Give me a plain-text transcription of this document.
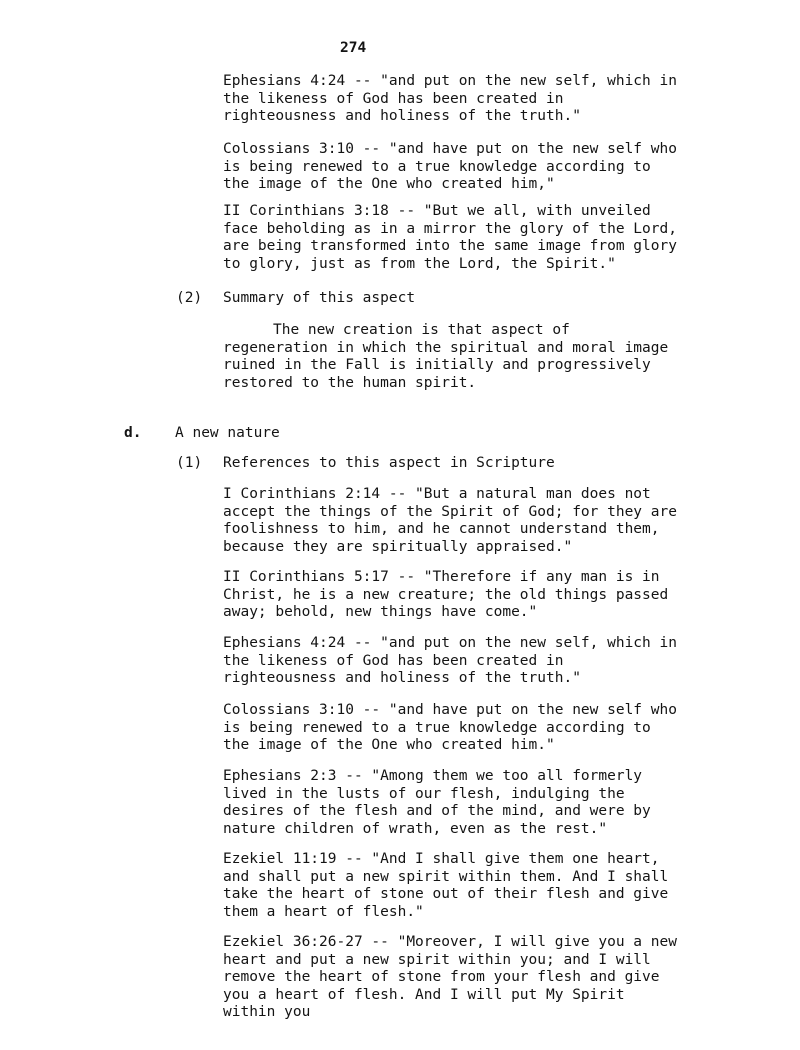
274
Ephesians 4:24 -- "and put on the new self, which in the likeness of God has been created in righteousness and holiness of the truth."
Colossians 3:10 -- "and have put on the new self who is being renewed to a true knowledge according to the image of the One who created him,"
II Corinthians 3:18 -- "But we all, with unveiled face beholding as in a mirror the glory of the Lord, are being transformed into the same image from glory to glory, just as from the Lord, the Spirit."
(2) Summary of this aspect
The new creation is that aspect of regeneration in which the spiritual and moral image ruined in the Fall is initially and progressively restored to the human spirit.
d. A new nature
(1) References to this aspect in Scripture
I Corinthians 2:14 -- "But a natural man does not accept the things of the Spirit of God; for they are foolishness to him, and he cannot understand them, because they are spiritually appraised."
II Corinthians 5:17 -- "Therefore if any man is in Christ, he is a new creature; the old things passed away; behold, new things have come."
Ephesians 4:24 -- "and put on the new self, which in the likeness of God has been created in righteousness and holiness of the truth."
Colossians 3:10 -- "and have put on the new self who is being renewed to a true knowledge according to the image of the One who created him."
Ephesians 2:3 -- "Among them we too all formerly lived in the lusts of our flesh, indulging the desires of the flesh and of the mind, and were by nature children of wrath, even as the rest."
Ezekiel 11:19 -- "And I shall give them one heart, and shall put a new spirit within them. And I shall take the heart of stone out of their flesh and give them a heart of flesh."
Ezekiel 36:26-27 -- "Moreover, I will give you a new heart and put a new spirit within you; and I will remove the heart of stone from your flesh and give you a heart of flesh. And I will put My Spirit within you
